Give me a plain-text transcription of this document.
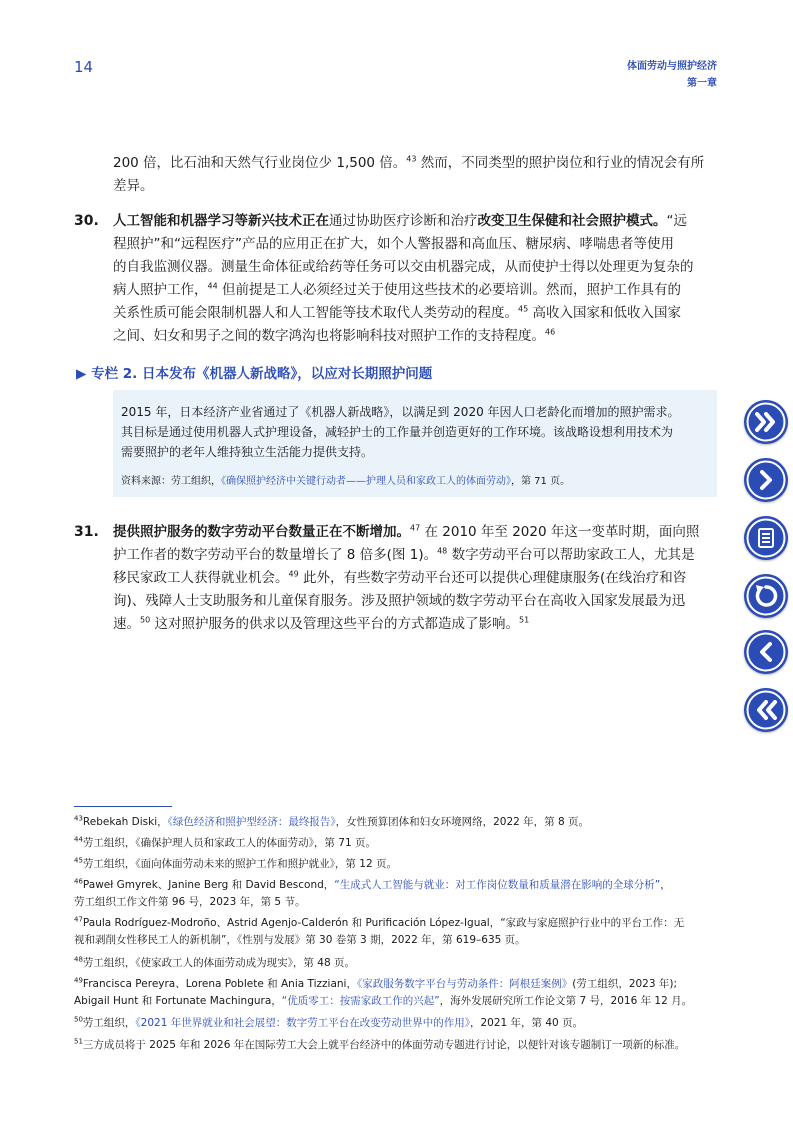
14	体面劳动与照护经济
第一章
200 倍，比石油和天然气行业岗位少 1,500 倍。$^{43}$ 然而，不同类型的照护岗位和行业的情况会有所
差异。
30. 人工智能和机器学习等新兴技术正在通过协助医疗诊断和治疗改变卫生保健和社会照护模式。“远
程照护”和“远程医疗”产品的应用正在扩大，如个人警报器和高血压、糖尿病、哮喘患者等使用
的自我监测仪器。测量生命体征或给药等任务可以交由机器完成，从而使护士得以处理更为复杂的
病人照护工作，$^{44}$ 但前提是工人必须经过关于使用这些技术的必要培训。然而，照护工作具有的
关系性质可能会限制机器人和人工智能等技术取代人类劳动的程度。$^{45}$ 高收入国家和低收入国家
之间、妇女和男子之间的数字鸿沟也将影响科技对照护工作的支持程度。$^{46}$
▶ 专栏 2. 日本发布《机器人新战略》，以应对长期照护问题
2015 年，日本经济产业省通过了《机器人新战略》，以满足到 2020 年因人口老龄化而增加的照护需求。
其目标是通过使用机器人式护理设备，减轻护士的工作量并创造更好的工作环境。该战略设想利用技术为
需要照护的老年人维持独立生活能力提供支持。
资料来源：劳工组织，《确保照护经济中关键行动者——护理人员和家政工人的体面劳动》，第 71 页。
31. 提供照护服务的数字劳动平台数量正在不断增加。$^{47}$ 在 2010 年至 2020 年这一变革时期，面向照
护工作者的数字劳动平台的数量增长了 8 倍多(图 1)。$^{48}$ 数字劳动平台可以帮助家政工人，尤其是
移民家政工人获得就业机会。$^{49}$ 此外，有些数字劳动平台还可以提供心理健康服务(在线治疗和咨
询)、残障人士支助服务和儿童保育服务。涉及照护领域的数字劳动平台在高收入国家发展最为迅
速。$^{50}$ 这对照护服务的供求以及管理这些平台的方式都造成了影响。$^{51}$
$^{43}$Rebekah Diski，《绿色经济和照护型经济：最终报告》，女性预算团体和妇女环境网络，2022 年，第 8 页。
$^{44}$劳工组织，《确保护理人员和家政工人的体面劳动》，第 71 页。
$^{45}$劳工组织，《面向体面劳动未来的照护工作和照护就业》，第 12 页。
$^{46}$Paweł Gmyrek、Janine Berg 和 David Bescond，“生成式人工智能与就业：对工作岗位数量和质量潜在影响的全球分析”，
劳工组织工作文件第 96 号，2023 年，第 5 节。
$^{47}$Paula Rodríguez-Modroño、Astrid Agenjo-Calderón 和 Purificación López-Igual，“家政与家庭照护行业中的平台工作：无
视和剥削女性移民工人的新机制”，《性别与发展》第 30 卷第 3 期，2022 年，第 619–635 页。
$^{48}$劳工组织，《使家政工人的体面劳动成为现实》，第 48 页。
$^{49}$Francisca Pereyra、Lorena Poblete 和 Ania Tizziani，《家政服务数字平台与劳动条件：阿根廷案例》(劳工组织，2023 年);
Abigail Hunt 和 Fortunate Machingura，“优质零工：按需家政工作的兴起”，海外发展研究所工作论文第 7 号，2016 年 12 月。
$^{50}$劳工组织，《2021 年世界就业和社会展望：数字劳工平台在改变劳动世界中的作用》，2021 年，第 40 页。
$^{51}$三方成员将于 2025 年和 2026 年在国际劳工大会上就平台经济中的体面劳动专题进行讨论，以便针对该专题制订一项新的标准。
